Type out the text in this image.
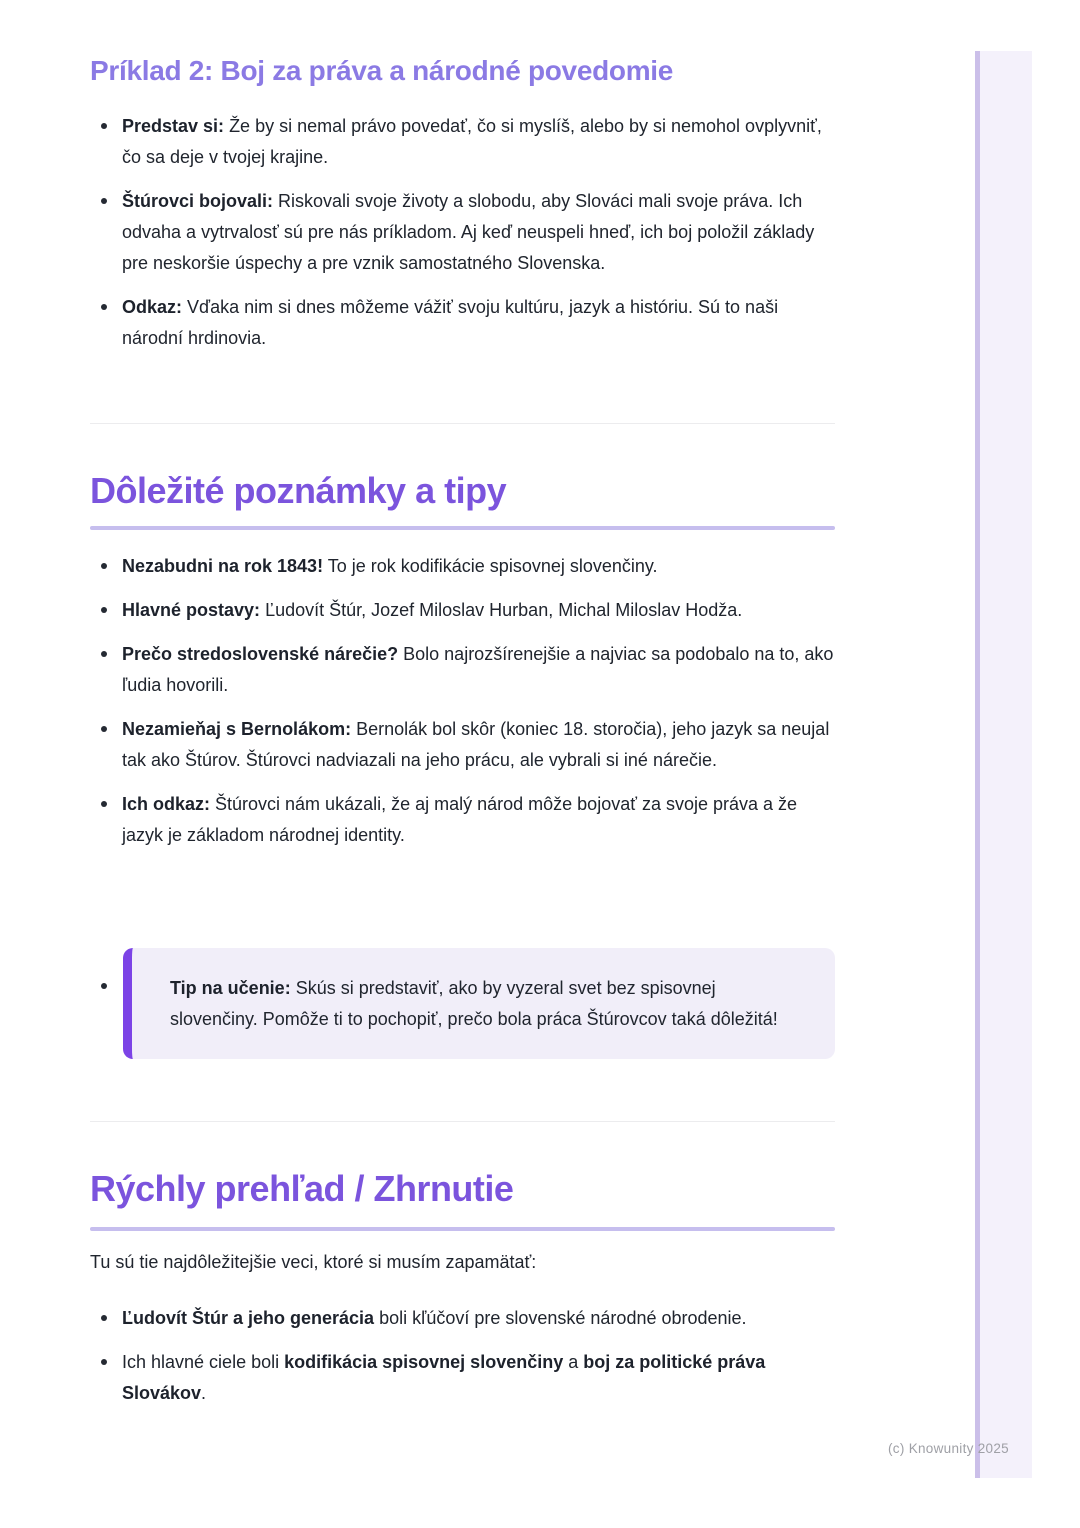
Príklad 2: Boj za práva a národné povedomie
Predstav si: Že by si nemal právo povedať, čo si myslíš, alebo by si nemohol ovplyvniť, čo sa deje v tvojej krajine.
Štúrovci bojovali: Riskovali svoje životy a slobodu, aby Slováci mali svoje práva. Ich odvaha a vytrvalosť sú pre nás príkladom. Aj keď neuspeli hneď, ich boj položil základy pre neskoršie úspechy a pre vznik samostatného Slovenska.
Odkaz: Vďaka nim si dnes môžeme vážiť svoju kultúru, jazyk a históriu. Sú to naši národní hrdinovia.
Dôležité poznámky a tipy
Nezabudni na rok 1843! To je rok kodifikácie spisovnej slovenčiny.
Hlavné postavy: Ľudovít Štúr, Jozef Miloslav Hurban, Michal Miloslav Hodža.
Prečo stredoslovenské nárečie? Bolo najrozšírenejšie a najviac sa podobalo na to, ako ľudia hovorili.
Nezamieňaj s Bernolákom: Bernolák bol skôr (koniec 18. storočia), jeho jazyk sa neujal tak ako Štúrov. Štúrovci nadviazali na jeho prácu, ale vybrali si iné nárečie.
Ich odkaz: Štúrovci nám ukázali, že aj malý národ môže bojovať za svoje práva a že jazyk je základom národnej identity.
Tip na učenie: Skús si predstaviť, ako by vyzeral svet bez spisovnej slovenčiny. Pomôže ti to pochopiť, prečo bola práca Štúrovcov taká dôležitá!
Rýchly prehľad / Zhrnutie

Tu sú tie najdôležitejšie veci, ktoré si musím zapamätať:

Ľudovít Štúr a jeho generácia boli kľúčoví pre slovenské národné obrodenie.
Ich hlavné ciele boli kodifikácia spisovnej slovenčiny a boj za politické práva Slovákov.
(c) Knowunity 2025
